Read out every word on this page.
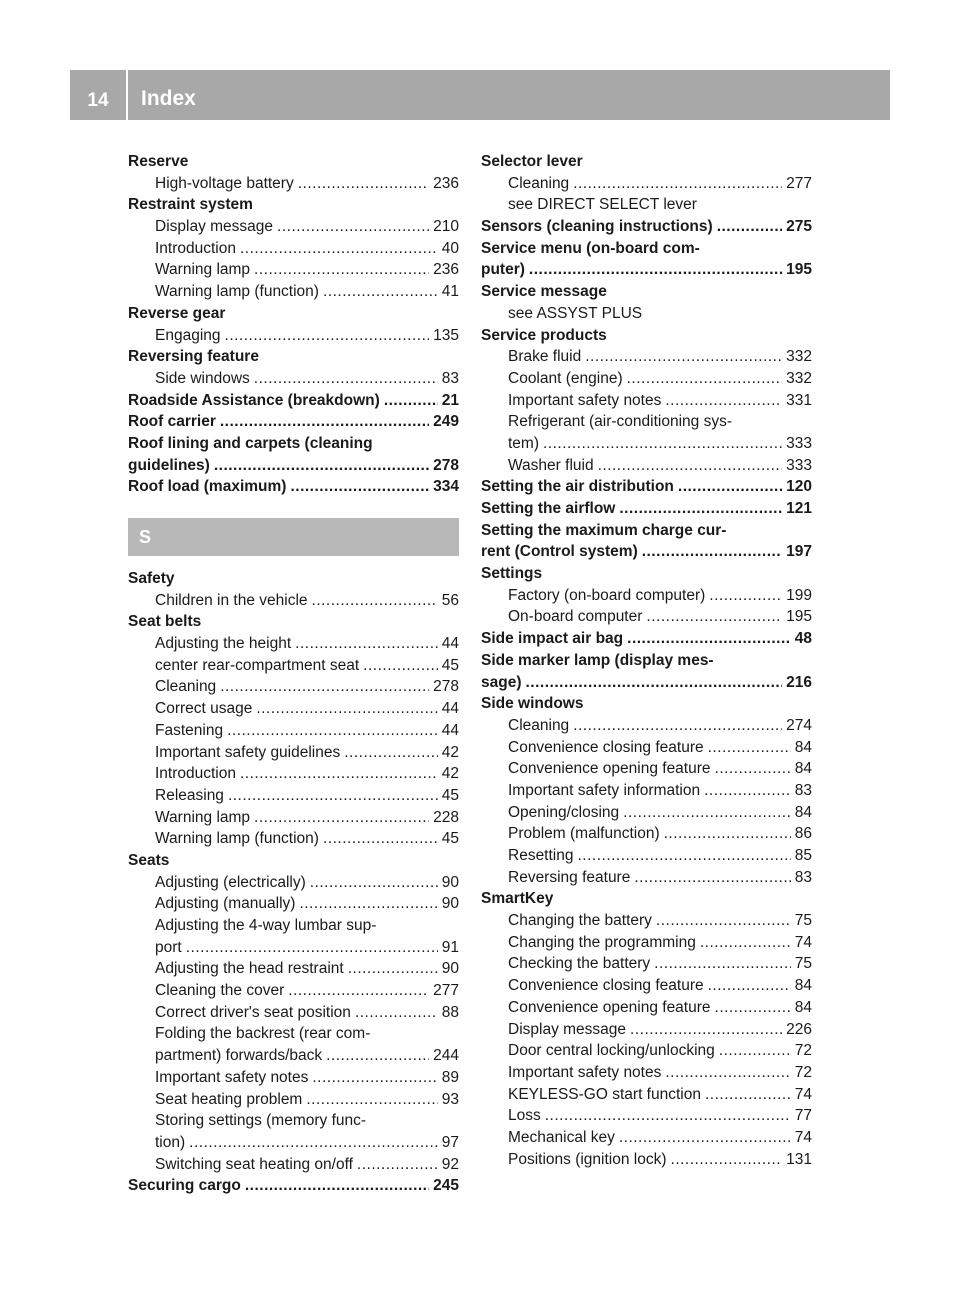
14	Index
Reserve
High-voltage battery .....	236
Restraint system
Display message .....	210
Introduction .....	40
Warning lamp .....	236
Warning lamp (function) .....	41
Reverse gear
Engaging .....	135
Reversing feature
Side windows .....	83
Roadside Assistance (breakdown) .....	21
Roof carrier .....	249
Roof lining and carpets (cleaning
guidelines) .....	278
Roof load (maximum) .....	334
S
Safety
Children in the vehicle .....	56
Seat belts
Adjusting the height .....	44
center rear-compartment seat .....	45
Cleaning .....	278
Correct usage .....	44
Fastening .....	44
Important safety guidelines .....	42
Introduction .....	42
Releasing .....	45
Warning lamp .....	228
Warning lamp (function) .....	45
Seats
Adjusting (electrically) .....	90
Adjusting (manually) .....	90
Adjusting the 4-way lumbar sup-
port .....	91
Adjusting the head restraint .....	90
Cleaning the cover .....	277
Correct driver's seat position .....	88
Folding the backrest (rear com-
partment) forwards/back .....	244
Important safety notes .....	89
Seat heating problem .....	93
Storing settings (memory func-
tion) .....	97
Switching seat heating on/off .....	92
Securing cargo .....	245
Selector lever
Cleaning .....	277
see DIRECT SELECT lever
Sensors (cleaning instructions) .....	275
Service menu (on-board com-
puter) .....	195
Service message
see ASSYST PLUS
Service products
Brake fluid .....	332
Coolant (engine) .....	332
Important safety notes .....	331
Refrigerant (air-conditioning sys-
tem) .....	333
Washer fluid .....	333
Setting the air distribution .....	120
Setting the airflow .....	121
Setting the maximum charge cur-
rent (Control system) .....	197
Settings
Factory (on-board computer) .....	199
On-board computer .....	195
Side impact air bag .....	48
Side marker lamp (display mes-
sage) .....	216
Side windows
Cleaning .....	274
Convenience closing feature .....	84
Convenience opening feature .....	84
Important safety information .....	83
Opening/closing .....	84
Problem (malfunction) .....	86
Resetting .....	85
Reversing feature .....	83
SmartKey
Changing the battery .....	75
Changing the programming .....	74
Checking the battery .....	75
Convenience closing feature .....	84
Convenience opening feature .....	84
Display message .....	226
Door central locking/unlocking .....	72
Important safety notes .....	72
KEYLESS-GO start function .....	74
Loss .....	77
Mechanical key .....	74
Positions (ignition lock) .....	131
